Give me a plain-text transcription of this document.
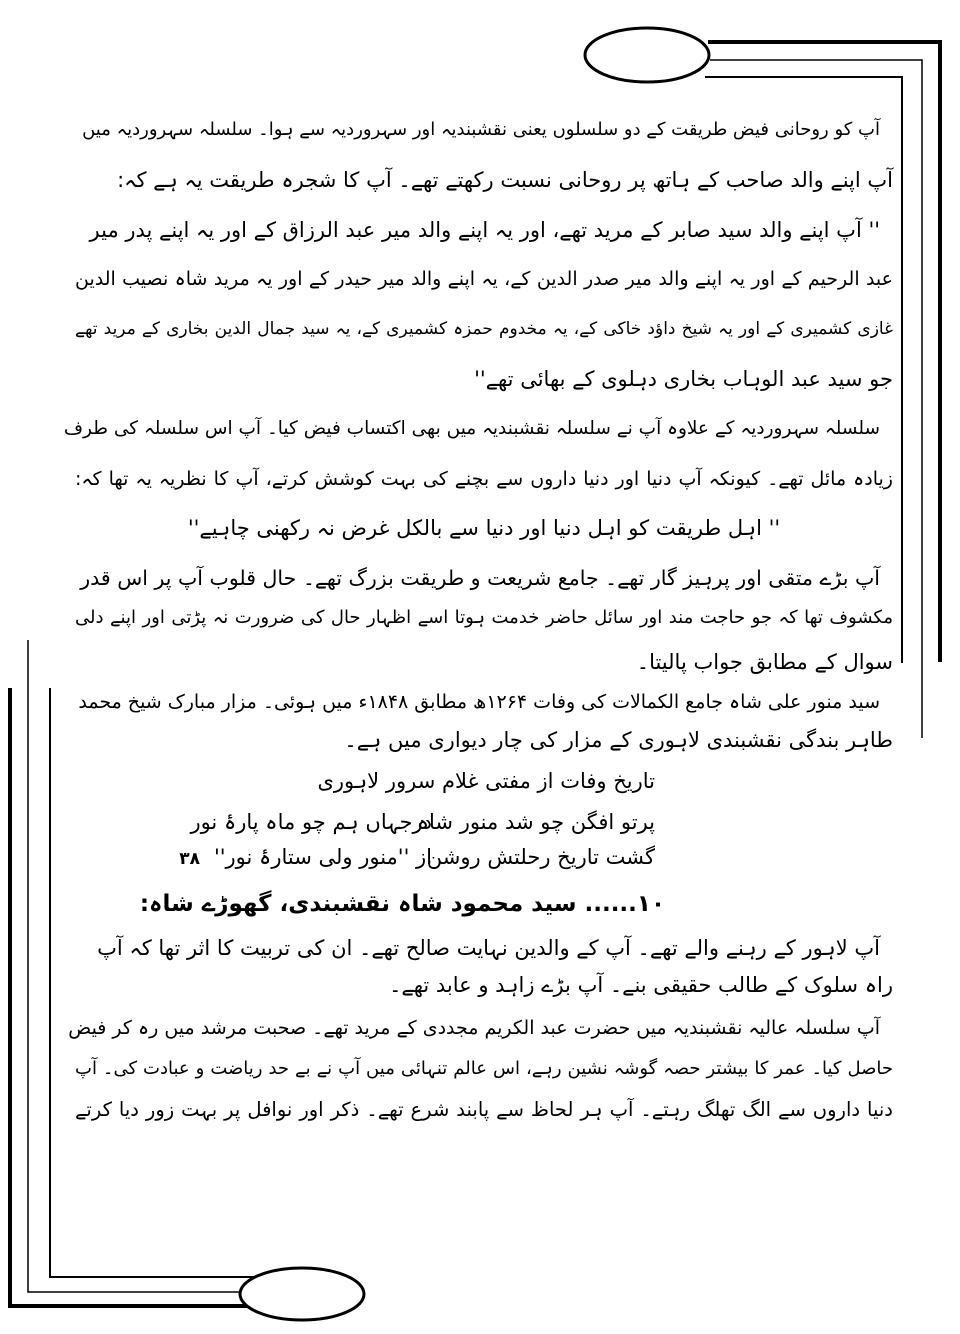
آپ کو روحانی فیض طریقت کے دو سلسلوں یعنی نقشبندیہ اور سہروردیہ سے ہوا۔ سلسلہ سہروردیہ میں
آپ اپنے والد صاحب کے ہاتھ پر روحانی نسبت رکھتے تھے۔ آپ کا شجرہ طریقت یہ ہے کہ:
'' آپ اپنے والد سید صابر کے مرید تھے، اور یہ اپنے والد میر عبد الرزاق کے اور یہ اپنے پدر میر
عبد الرحیم کے اور یہ اپنے والد میر صدر الدین کے، یہ اپنے والد میر حیدر کے اور یہ مرید شاہ نصیب الدین
غازی کشمیری کے اور یہ شیخ داؤد خاکی کے، یہ مخدوم حمزہ کشمیری کے، یہ سید جمال الدین بخاری کے مرید تھے
جو سید عبد الوہاب بخاری دہلوی کے بھائی تھے''
سلسلہ سہروردیہ کے علاوہ آپ نے سلسلہ نقشبندیہ میں بھی اکتساب فیض کیا۔ آپ اس سلسلہ کی طرف
زیادہ مائل تھے۔ کیونکہ آپ دنیا اور دنیا داروں سے بچنے کی بہت کوشش کرتے، آپ کا نظریہ یہ تھا کہ:
'' اہل طریقت کو اہل دنیا اور دنیا سے بالکل غرض نہ رکھنی چاہیے''
آپ بڑے متقی اور پرہیز گار تھے۔ جامع شریعت و طریقت بزرگ تھے۔ حال قلوب آپ پر اس قدر
مکشوف تھا کہ جو حاجت مند اور سائل حاضر خدمت ہوتا اسے اظہار حال کی ضرورت نہ پڑتی اور اپنے دلی
سوال کے مطابق جواب پالیتا۔
سید منور علی شاہ جامع الکمالات کی وفات ۱۲۶۴ھ مطابق ۱۸۴۸ء میں ہوئی۔ مزار مبارک شیخ محمد
طاہر بندگی نقشبندی لاہوری کے مزار کی چار دیواری میں ہے۔
تاریخ وفات از مفتی غلام سرور لاہوری
پرتو افگن چو شد منور شاہ
درجہاں ہم چو ماہ پارۂ نور
گشت تاریخ رحلتش روشن
از ''منور ولی ستارۂ نور''۳۸
۱۰...... سید محمود شاہ نقشبندی، گھوڑے شاہ:
آپ لاہور کے رہنے والے تھے۔ آپ کے والدین نہایت صالح تھے۔ ان کی تربیت کا اثر تھا کہ آپ
راہ سلوک کے طالب حقیقی بنے۔ آپ بڑے زاہد و عابد تھے۔
آپ سلسلہ عالیہ نقشبندیہ میں حضرت عبد الکریم مجددی کے مرید تھے۔ صحبت مرشد میں رہ کر فیض
حاصل کیا۔ عمر کا بیشتر حصہ گوشہ نشین رہے، اس عالم تنہائی میں آپ نے بے حد ریاضت و عبادت کی۔ آپ
دنیا داروں سے الگ تھلگ رہتے۔ آپ ہر لحاظ سے پابند شرع تھے۔ ذکر اور نوافل پر بہت زور دیا کرتے
